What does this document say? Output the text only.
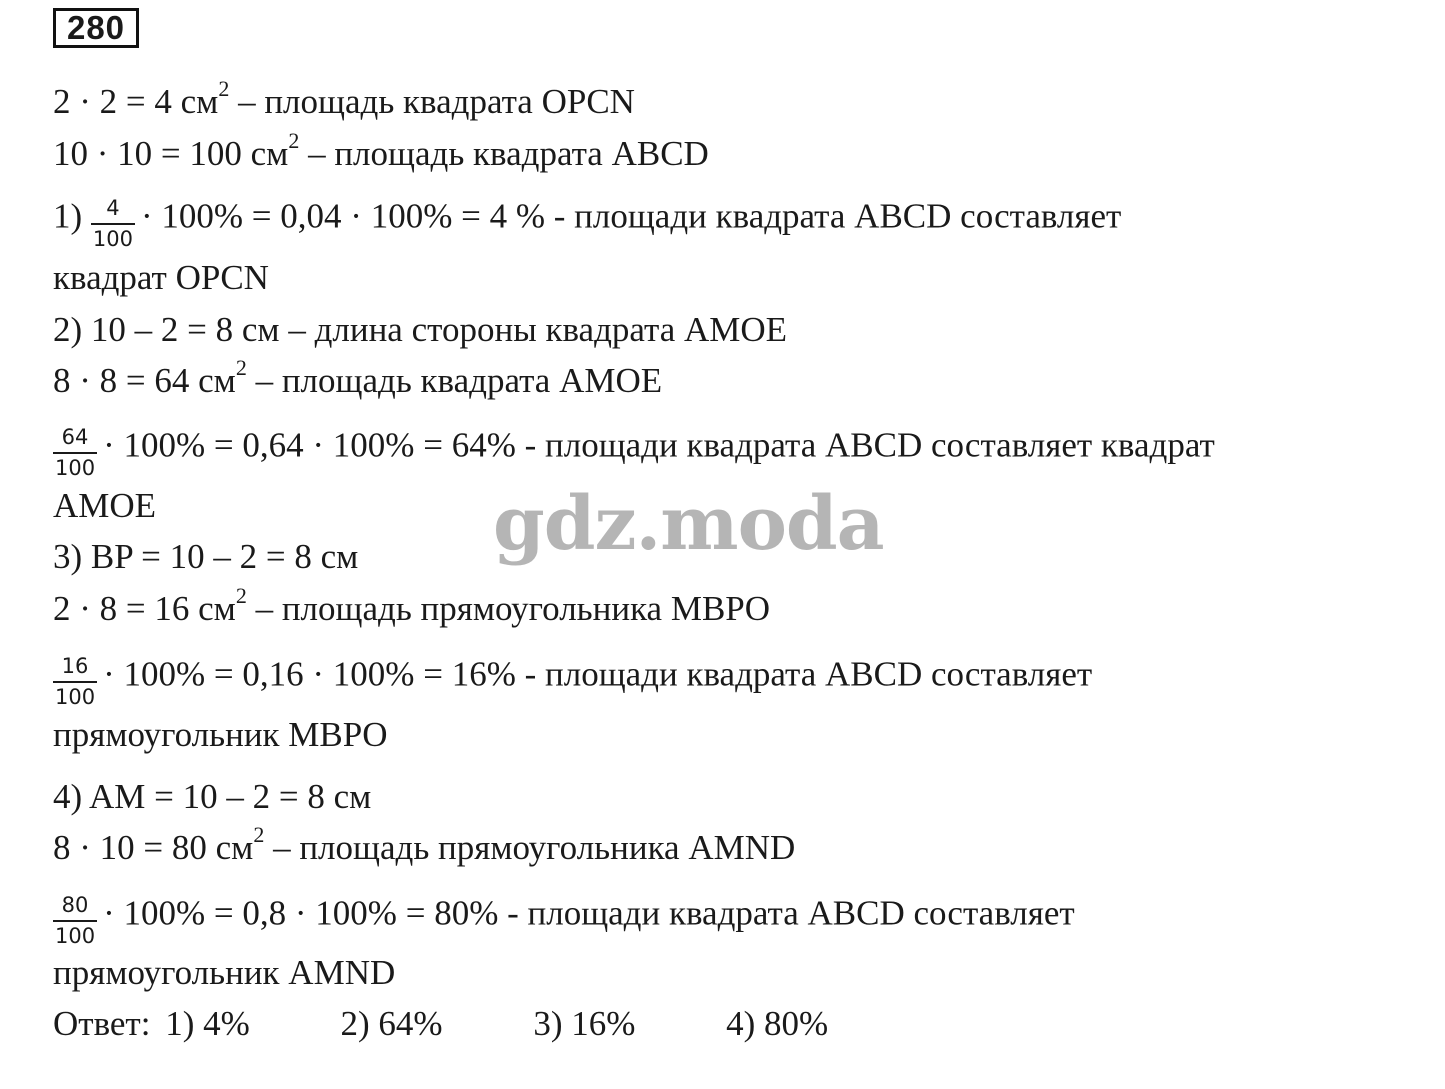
280
2 · 2 = 4 $см^2$ – площадь квадрата OPCN
10 · 10 = 100 $см^2$ – площадь квадрата ABCD
$1) \frac{4}{100} \cdot 100\% = 0,04 \cdot 100\% = 4$ % - площади квадрата ABCD составляет
квадрат OPCN
2) 10 – 2 = 8 см – длина стороны квадрата AMOE
8 · 8 = 64 $см^2$ – площадь квадрата AMOE
$\frac{64}{100} \cdot 100\% = 0,64 \cdot 100\% = 64\%$ - площади квадрата ABCD составляет квадрат
AMOE
3) BP = 10 – 2 = 8 см
2 · 8 = 16 $см^2$ – площадь прямоугольника MBPO
$\frac{16}{100} \cdot 100\% = 0,16 \cdot 100\% = 16\%$ - площади квадрата ABCD составляет
прямоугольник MBPO
4) AM = 10 – 2 = 8 см
8 · 10 = 80 $см^2$ – площадь прямоугольника AMND
$\frac{80}{100} \cdot 100\% = 0,8 \cdot 100\% = 80\%$ - площади квадрата ABCD составляет
прямоугольник AMND
Ответ: 1) 4%	2) 64%	3) 16%	4) 80%
gdz.moda
